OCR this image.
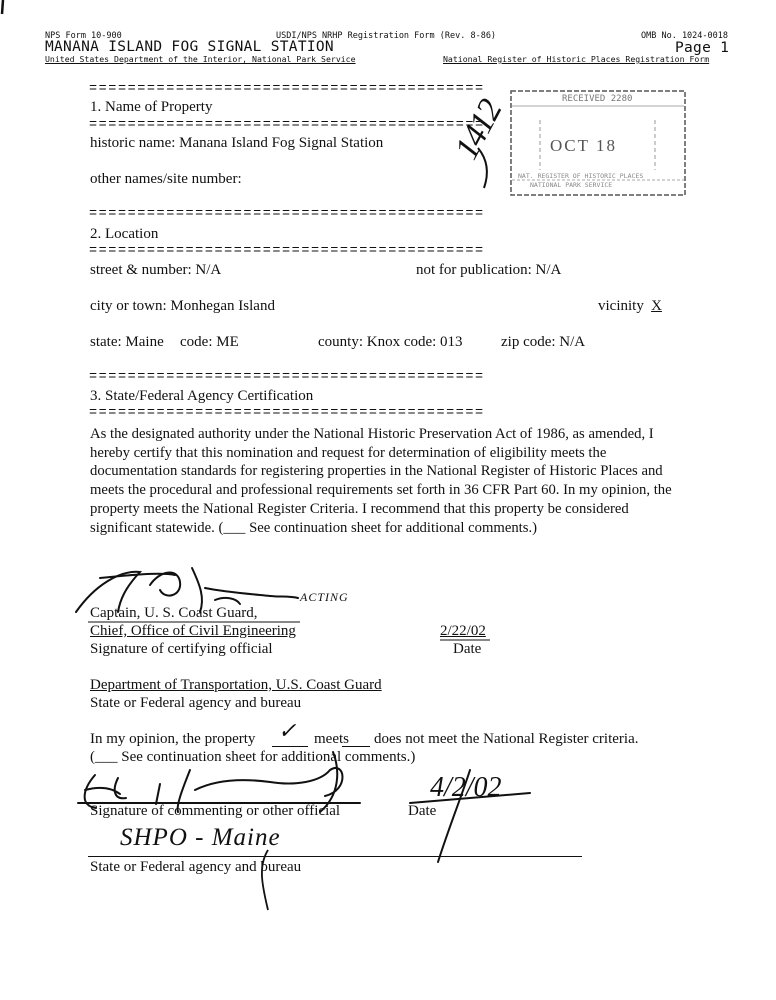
NPS Form 10-900	USDI/NPS NRHP Registration Form (Rev. 8-86)	OMB No. 1024-0018
MANANA ISLAND FOG SIGNAL STATION	Page 1
United States Department of the Interior, National Park Service	National Register of Historic Places Registration Form
=========================================
1. Name of Property
=========================================
historic name: Manana Island Fog Signal Station
other names/site number:
RECEIVED 2280
OCT 18
NAT. REGISTER OF HISTORIC PLACES
NATIONAL PARK SERVICE
1412
=========================================
2. Location
=========================================
street & number: N/A	not for publication: N/A
city or town: Monhegan Island	vicinity X
state: Maine code: ME	county: Knox code: 013	zip code: N/A
=========================================
3. State/Federal Agency Certification
=========================================
As the designated authority under the National Historic Preservation Act of 1986, as amended, I hereby certify that this nomination and request for determination of eligibility meets the documentation standards for registering properties in the National Register of Historic Places and meets the procedural and professional requirements set forth in 36 CFR Part 60. In my opinion, the property meets the National Register Criteria. I recommend that this property be considered significant statewide. (___ See continuation sheet for additional comments.)
ACTING
Captain, U. S. Coast Guard,
Chief, Office of Civil Engineering
Signature of certifying official
2/22/02
Date
Department of Transportation, U.S. Coast Guard
State or Federal agency and bureau
In my opinion, the property ✓ meets does not meet the National Register criteria.
(___ See continuation sheet for additional comments.)
Signature of commenting or other official	Date
4/2/02
SHPO - Maine
State or Federal agency and bureau
